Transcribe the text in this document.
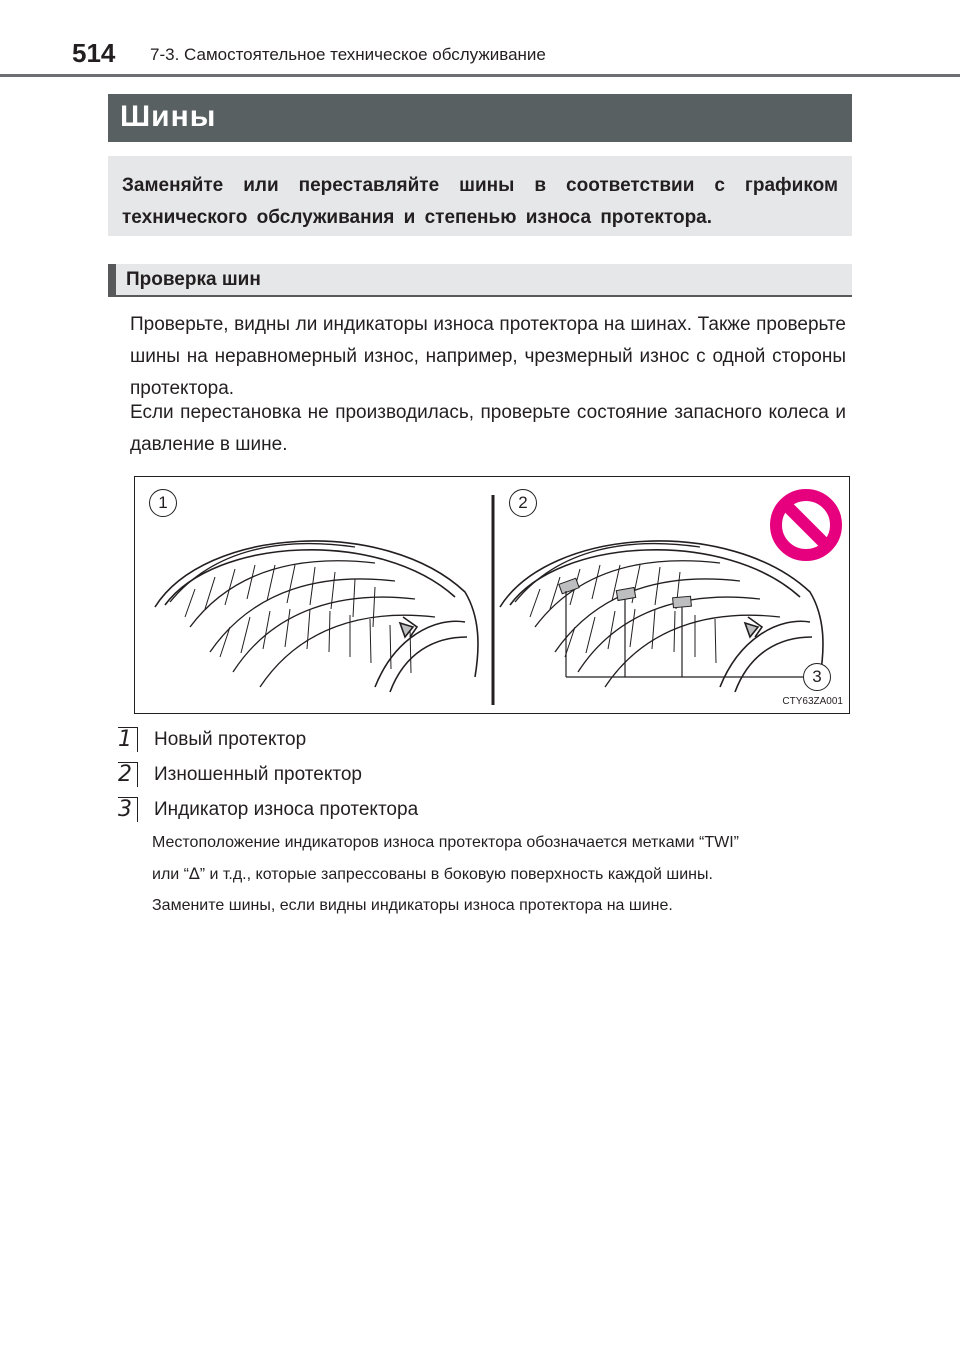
514 7-3. Самостоятельное техническое обслуживание
Шины

Заменяйте или переставляйте шины в соответствии с графиком технического обслуживания и степенью износа протектора.

Проверка шин

Проверьте, видны ли индикаторы износа протектора на шинах. Также проверьте шины на неравномерный износ, например, чрезмерный износ с одной стороны протектора.

Если перестановка не производилась, проверьте состояние запасного колеса и давление в шине.

1	2
3
CTY63ZA001
1	Новый протектор
2	Изношенный протектор
3	Индикатор износа протектора

Местоположение индикаторов износа протектора обозначается метками “TWI”
или “∆” и т.д., которые запрессованы в боковую поверхность каждой шины.
Замените шины, если видны индикаторы износа протектора на шине.
